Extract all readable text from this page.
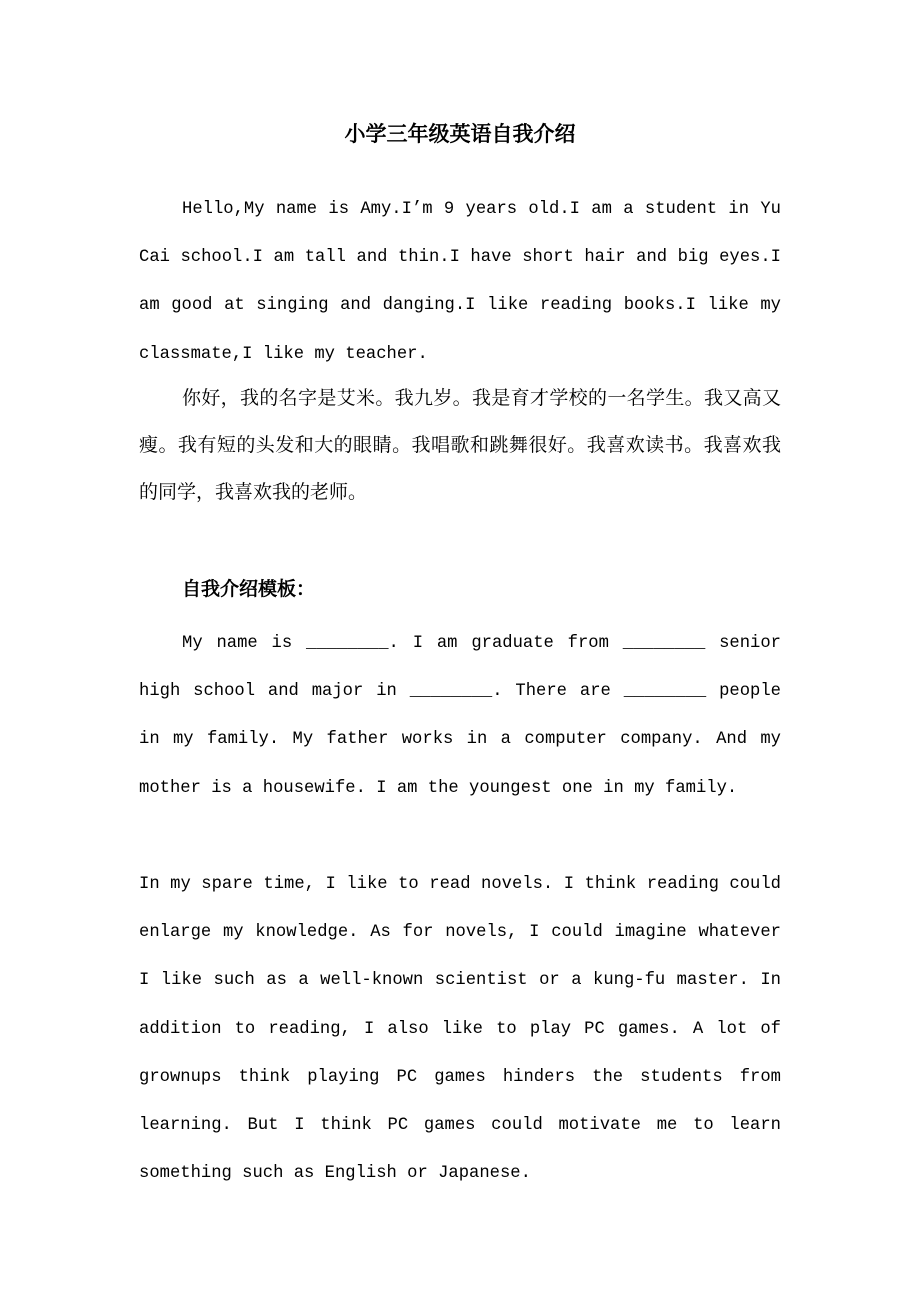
小学三年级英语自我介绍

Hello,My name is Amy.I’m 9 years old.I am a student in Yu Cai school.I am tall and thin.I have short hair and big eyes.I am good at singing and danging.I like reading books.I like my classmate,I like my teacher.

你好，我的名字是艾米。我九岁。我是育才学校的一名学生。我又高又瘦。我有短的头发和大的眼睛。我唱歌和跳舞很好。我喜欢读书。我喜欢我的同学，我喜欢我的老师。

自我介绍模板：

My name is ________. I am graduate from ________ senior high school and major in ________. There are ________ people in my family. My father works in a computer company. And my mother is a housewife. I am the youngest one in my family.

In my spare time, I like to read novels. I think reading could enlarge my knowledge. As for novels, I could imagine whatever I like such as a well-known scientist or a kung-fu master. In addition to reading, I also like to play PC games. A lot of grownups think playing PC games hinders the students from learning. But I think PC games could motivate me to learn something such as English or Japanese.
